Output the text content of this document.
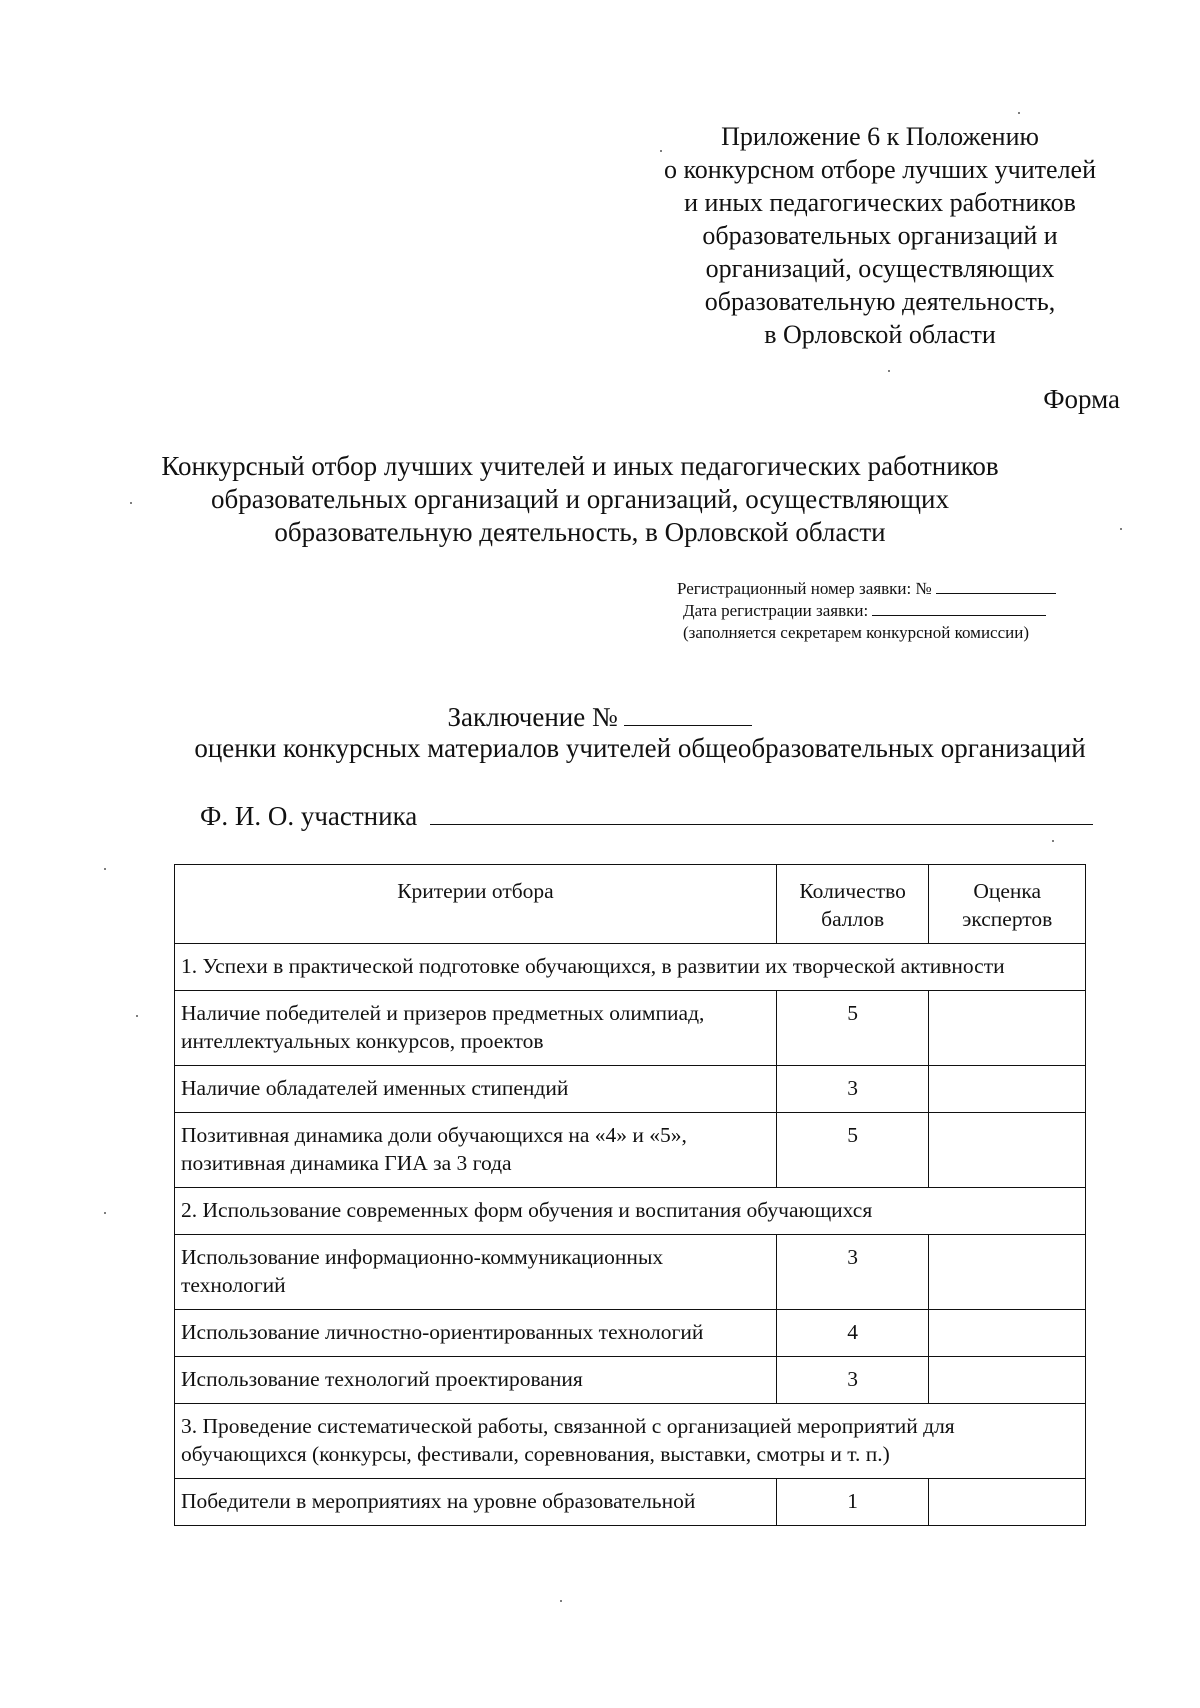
Приложение 6 к Положению
о конкурсном отборе лучших учителей
и иных педагогических работников
образовательных организаций и
организаций, осуществляющих
образовательную деятельность,
в Орловской области
Форма
Конкурсный отбор лучших учителей и иных педагогических работников
образовательных организаций и организаций, осуществляющих
образовательную деятельность, в Орловской области
Регистрационный номер заявки: №
Дата регистрации заявки:
(заполняется секретарем конкурсной комиссии)
Заключение №
оценки конкурсных материалов учителей общеобразовательных организаций
Ф. И. О. участника
Критерии отбора	Количество баллов	Оценка экспертов
1. Успехи в практической подготовке обучающихся, в развитии их творческой активности		
Наличие победителей и призеров предметных олимпиад, интеллектуальных конкурсов, проектов	5	
Наличие обладателей именных стипендий	3	
Позитивная динамика доли обучающихся на «4» и «5», позитивная динамика ГИА за 3 года	5	
2. Использование современных форм обучения и воспитания обучающихся		
Использование информационно-коммуникационных технологий	3	
Использование личностно-ориентированных технологий	4	
Использование технологий проектирования	3	
3. Проведение систематической работы, связанной с организацией мероприятий для обучающихся (конкурсы, фестивали, соревнования, выставки, смотры и т. п.)		
Победители в мероприятиях на уровне образовательной	1	
